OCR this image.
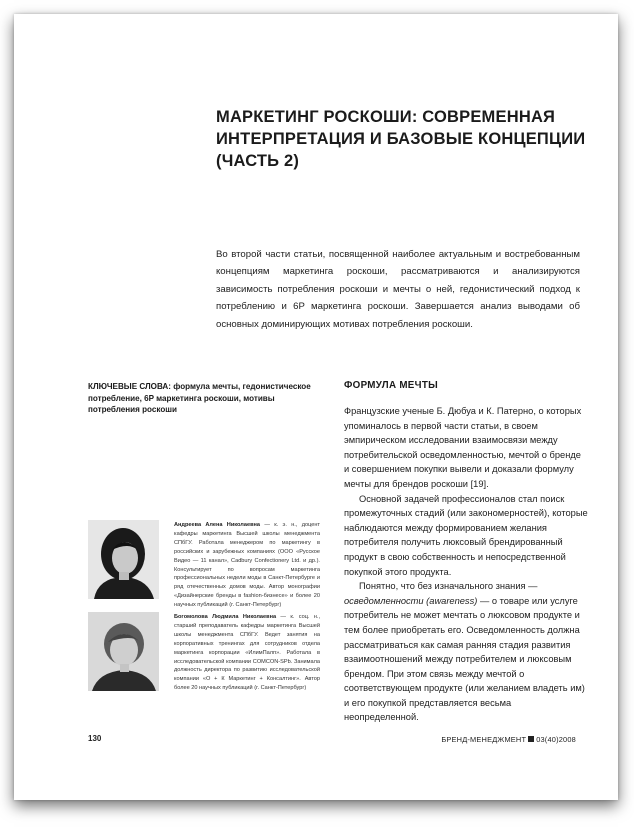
МАРКЕТИНГ РОСКОШИ: СОВРЕМЕННАЯ
ИНТЕРПРЕТАЦИЯ И БАЗОВЫЕ КОНЦЕПЦИИ
(ЧАСТЬ 2)
Во второй части статьи, посвященной наиболее актуальным и востребованным концепциям маркетинга роскоши, рассматриваются и анализируются зависимость потребления роскоши и мечты о ней, гедонистический подход к потреблению и 6P маркетинга роскоши. Завершается анализ выводами об основных доминирующих мотивах потребления роскоши.
КЛЮЧЕВЫЕ СЛОВА: формула мечты, гедонистическое потребление, 6P маркетинга роскоши, мотивы потребления роскоши
ФОРМУЛА МЕЧТЫ

Французские ученые Б. Дюбуа и К. Патерно, о которых упоминалось в первой части статьи, в своем эмпирическом исследовании взаимосвязи между потребительской осведомленностью, мечтой о бренде и совершением покупки вывели и доказали формулу мечты для брендов роскоши [19].

Основной задачей профессионалов стал поиск промежуточных стадий (или закономерностей), которые наблюдаются между формированием желания потребителя получить люксовый брендированный продукт в свою собственность и непосредственной покупкой этого продукта.

Понятно, что без изначального знания — осведомленности (awareness) — о товаре или услуге потребитель не может мечтать о люксовом продукте и тем более приобретать его. Осведомленность должна рассматриваться как самая ранняя стадия развития взаимоотношений между потребителем и люксовым брендом. При этом связь между мечтой о соответствующем продукте (или желанием владеть им) и его покупкой представляется весьма неопределенной.

Андреева Алена Николаевна — к. э. н., доцент кафедры маркетинга Высшей школы менеджмента СПбГУ. Работала менеджером по маркетингу в российских и зарубежных компаниях (ООО «Русское Видео — 11 канал», Cadbury Confectionery Ltd. и др.). Консультирует по вопросам маркетинга профессиональных недели моды в Санкт-Петербурге и ряд отечественных домов моды. Автор монографии «Дизайнерские бренды в fashion-бизнесе» и более 20 научных публикаций (г. Санкт-Петербург)
Богомолова Людмила Николаевна — к. соц. н., старший преподаватель кафедры маркетинга Высшей школы менеджмента СПбГУ. Ведет занятия на корпоративных тренингах для сотрудников отдела маркетинга корпорации «ИлимПалп». Работала в исследовательской компании COMCON-SPb. Занимала должность директора по развитию исследовательской компании «О + К Маркетинг + Консалтинг». Автор более 20 научных публикаций (г. Санкт-Петербург)
130	БРЕНД-МЕНЕДЖМЕНТ 03(40)2008
